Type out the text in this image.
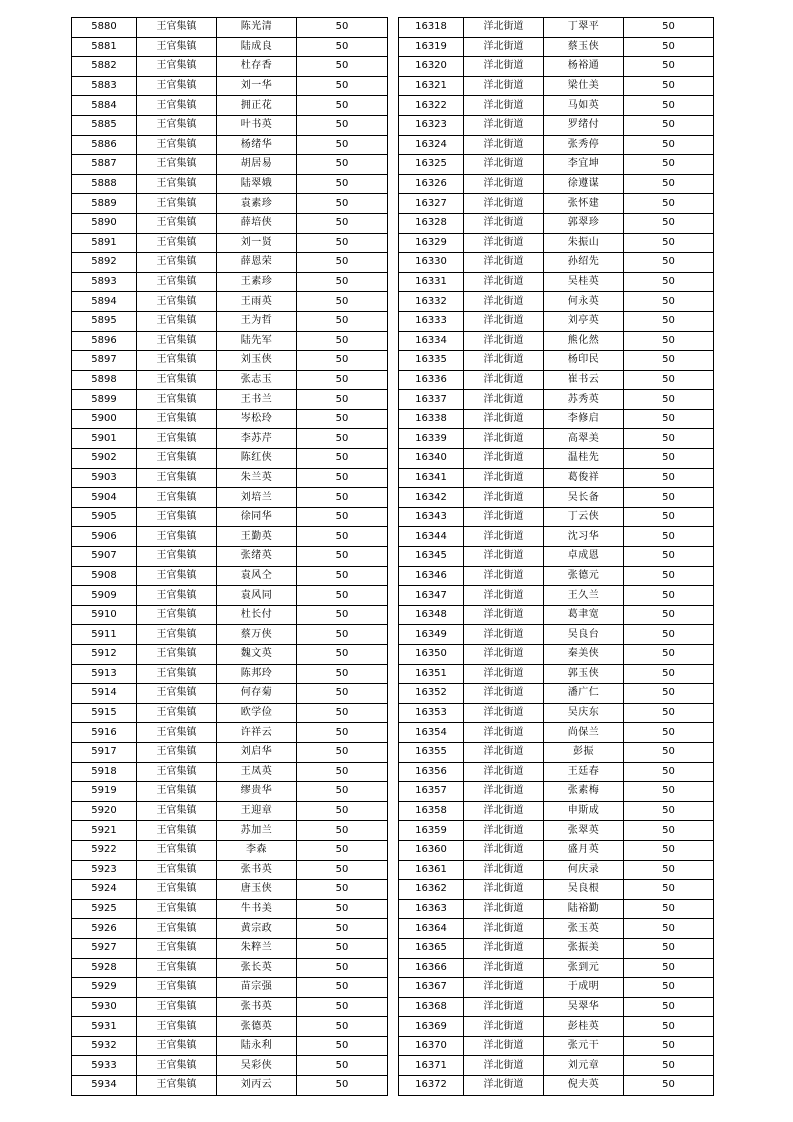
5880	王官集镇	陈光清	50
5881	王官集镇	陆成良	50
5882	王官集镇	杜存香	50
5883	王官集镇	刘一华	50
5884	王官集镇	拥正花	50
5885	王官集镇	叶书英	50
5886	王官集镇	杨绪华	50
5887	王官集镇	胡居易	50
5888	王官集镇	陆翠娥	50
5889	王官集镇	袁素珍	50
5890	王官集镇	薛培侠	50
5891	王官集镇	刘一贤	50
5892	王官集镇	薛恩荣	50
5893	王官集镇	王素珍	50
5894	王官集镇	王雨英	50
5895	王官集镇	王为哲	50
5896	王官集镇	陆先军	50
5897	王官集镇	刘玉侠	50
5898	王官集镇	张志玉	50
5899	王官集镇	王书兰	50
5900	王官集镇	岑松玲	50
5901	王官集镇	李苏芹	50
5902	王官集镇	陈红侠	50
5903	王官集镇	朱兰英	50
5904	王官集镇	刘培兰	50
5905	王官集镇	徐同华	50
5906	王官集镇	王勤英	50
5907	王官集镇	张绪英	50
5908	王官集镇	袁风仝	50
5909	王官集镇	袁风同	50
5910	王官集镇	杜长付	50
5911	王官集镇	蔡万侠	50
5912	王官集镇	魏文英	50
5913	王官集镇	陈邦玲	50
5914	王官集镇	何存菊	50
5915	王官集镇	欧学俭	50
5916	王官集镇	许祥云	50
5917	王官集镇	刘启华	50
5918	王官集镇	王凤英	50
5919	王官集镇	缪贵华	50
5920	王官集镇	王迎章	50
5921	王官集镇	苏加兰	50
5922	王官集镇	李森	50
5923	王官集镇	张书英	50
5924	王官集镇	唐玉侠	50
5925	王官集镇	牛书美	50
5926	王官集镇	黄宗政	50
5927	王官集镇	朱粹兰	50
5928	王官集镇	张长英	50
5929	王官集镇	苗宗强	50
5930	王官集镇	张书英	50
5931	王官集镇	张德英	50
5932	王官集镇	陆永利	50
5933	王官集镇	吴彩侠	50
5934	王官集镇	刘丙云	50
16318	洋北街道	丁翠平	50
16319	洋北街道	蔡玉侠	50
16320	洋北街道	杨裕通	50
16321	洋北街道	梁仕美	50
16322	洋北街道	马如英	50
16323	洋北街道	罗绪付	50
16324	洋北街道	张秀停	50
16325	洋北街道	李宜坤	50
16326	洋北街道	徐遵谋	50
16327	洋北街道	张怀建	50
16328	洋北街道	郭翠珍	50
16329	洋北街道	朱振山	50
16330	洋北街道	孙绍先	50
16331	洋北街道	吴桂英	50
16332	洋北街道	何永英	50
16333	洋北街道	刘亭英	50
16334	洋北街道	熊化然	50
16335	洋北街道	杨印民	50
16336	洋北街道	崔书云	50
16337	洋北街道	苏秀英	50
16338	洋北街道	李修启	50
16339	洋北街道	高翠美	50
16340	洋北街道	温桂先	50
16341	洋北街道	葛俊祥	50
16342	洋北街道	吴长备	50
16343	洋北街道	丁云侠	50
16344	洋北街道	沈习华	50
16345	洋北街道	卓成恩	50
16346	洋北街道	张德元	50
16347	洋北街道	王久兰	50
16348	洋北街道	葛聿宽	50
16349	洋北街道	吴良台	50
16350	洋北街道	秦美侠	50
16351	洋北街道	郭玉侠	50
16352	洋北街道	潘广仁	50
16353	洋北街道	吴庆东	50
16354	洋北街道	尚保兰	50
16355	洋北街道	彭振	50
16356	洋北街道	王廷春	50
16357	洋北街道	张素梅	50
16358	洋北街道	申斯成	50
16359	洋北街道	张翠英	50
16360	洋北街道	盛月英	50
16361	洋北街道	何庆录	50
16362	洋北街道	吴良根	50
16363	洋北街道	陆裕勤	50
16364	洋北街道	张玉英	50
16365	洋北街道	张振美	50
16366	洋北街道	张到元	50
16367	洋北街道	于成明	50
16368	洋北街道	吴翠华	50
16369	洋北街道	彭桂英	50
16370	洋北街道	张元干	50
16371	洋北街道	刘元章	50
16372	洋北街道	倪夫英	50
